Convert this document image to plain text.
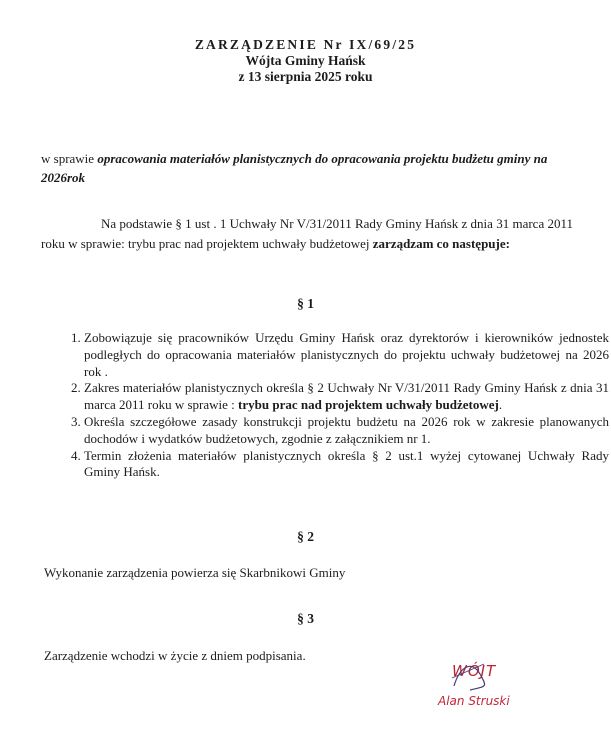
ZARZĄDZENIE Nr IX/69/25
Wójta Gminy Hańsk
z 13 sierpnia 2025 roku
w sprawie opracowania materiałów planistycznych do opracowania projektu budżetu gminy na 2026rok
Na podstawie § 1 ust . 1 Uchwały Nr V/31/2011 Rady Gminy Hańsk z dnia 31 marca 2011 roku w sprawie: trybu prac nad projektem uchwały budżetowej zarządzam co następuje:
§ 1
1. Zobowiązuje się pracowników Urzędu Gminy Hańsk oraz dyrektorów i kierowników jednostek podległych do opracowania materiałów planistycznych do projektu uchwały budżetowej na 2026 rok .
2. Zakres materiałów planistycznych określa § 2 Uchwały Nr V/31/2011 Rady Gminy Hańsk z dnia 31 marca 2011 roku w sprawie : trybu prac nad projektem uchwały budżetowej.
3. Określa szczegółowe zasady konstrukcji projektu budżetu na 2026 rok w zakresie planowanych dochodów i wydatków budżetowych, zgodnie z załącznikiem nr 1.
4. Termin złożenia materiałów planistycznych określa § 2 ust.1 wyżej cytowanej Uchwały Rady Gminy Hańsk.
§ 2
Wykonanie zarządzenia powierza się Skarbnikowi Gminy
§ 3
Zarządzenie wchodzi w życie z dniem podpisania.
WÓJT
Alan Struski
